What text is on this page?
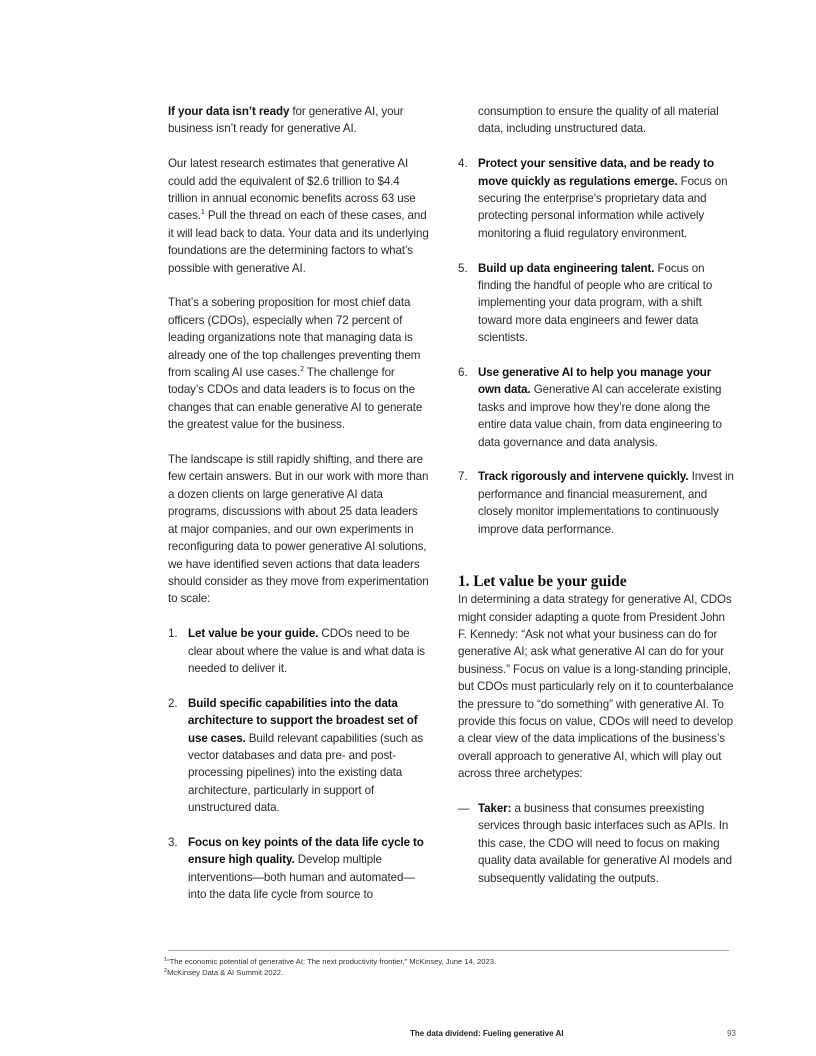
If your data isn’t ready for generative AI, your business isn’t ready for generative AI.

Our latest research estimates that generative AI could add the equivalent of $2.6 trillion to $4.4 trillion in annual economic benefits across 63 use cases.$^1$ Pull the thread on each of these cases, and it will lead back to data. Your data and its underlying foundations are the determining factors to what’s possible with generative AI.

That’s a sobering proposition for most chief data officers (CDOs), especially when 72 percent of leading organizations note that managing data is already one of the top challenges preventing them from scaling AI use cases.$^2$ The challenge for today’s CDOs and data leaders is to focus on the changes that can enable generative AI to generate the greatest value for the business.

The landscape is still rapidly shifting, and there are few certain answers. But in our work with more than a dozen clients on large generative AI data programs, discussions with about 25 data leaders at major companies, and our own experiments in reconfiguring data to power generative AI solutions, we have identified seven actions that data leaders should consider as they move from experimentation to scale:

1. Let value be your guide. CDOs need to be clear about where the value is and what data is needed to deliver it.
2. Build specific capabilities into the data architecture to support the broadest set of use cases. Build relevant capabilities (such as vector databases and data pre- and post-processing pipelines) into the existing data architecture, particularly in support of unstructured data.
3. Focus on key points of the data life cycle to ensure high quality. Develop multiple interventions—both human and automated—into the data life cycle from source to
consumption to ensure the quality of all material data, including unstructured data.
4. Protect your sensitive data, and be ready to move quickly as regulations emerge. Focus on securing the enterprise’s proprietary data and protecting personal information while actively monitoring a fluid regulatory environment.
5. Build up data engineering talent. Focus on finding the handful of people who are critical to implementing your data program, with a shift toward more data engineers and fewer data scientists.
6. Use generative AI to help you manage your own data. Generative AI can accelerate existing tasks and improve how they’re done along the entire data value chain, from data engineering to data governance and data analysis.
7. Track rigorously and intervene quickly. Invest in performance and financial measurement, and closely monitor implementations to continuously improve data performance.
1. Let value be your guide

In determining a data strategy for generative AI, CDOs might consider adapting a quote from President John F. Kennedy: “Ask not what your business can do for generative AI; ask what generative AI can do for your business.” Focus on value is a long-standing principle, but CDOs must particularly rely on it to counterbalance the pressure to “do something” with generative AI. To provide this focus on value, CDOs will need to develop a clear view of the data implications of the business’s overall approach to generative AI, which will play out across three archetypes:

— Taker: a business that consumes preexisting services through basic interfaces such as APIs. In this case, the CDO will need to focus on making quality data available for generative AI models and subsequently validating the outputs.
$^1$“The economic potential of generative AI: The next productivity frontier,” McKinsey, June 14, 2023.
$^2$McKinsey Data & AI Summit 2022.
The data dividend: Fueling generative AI	93
